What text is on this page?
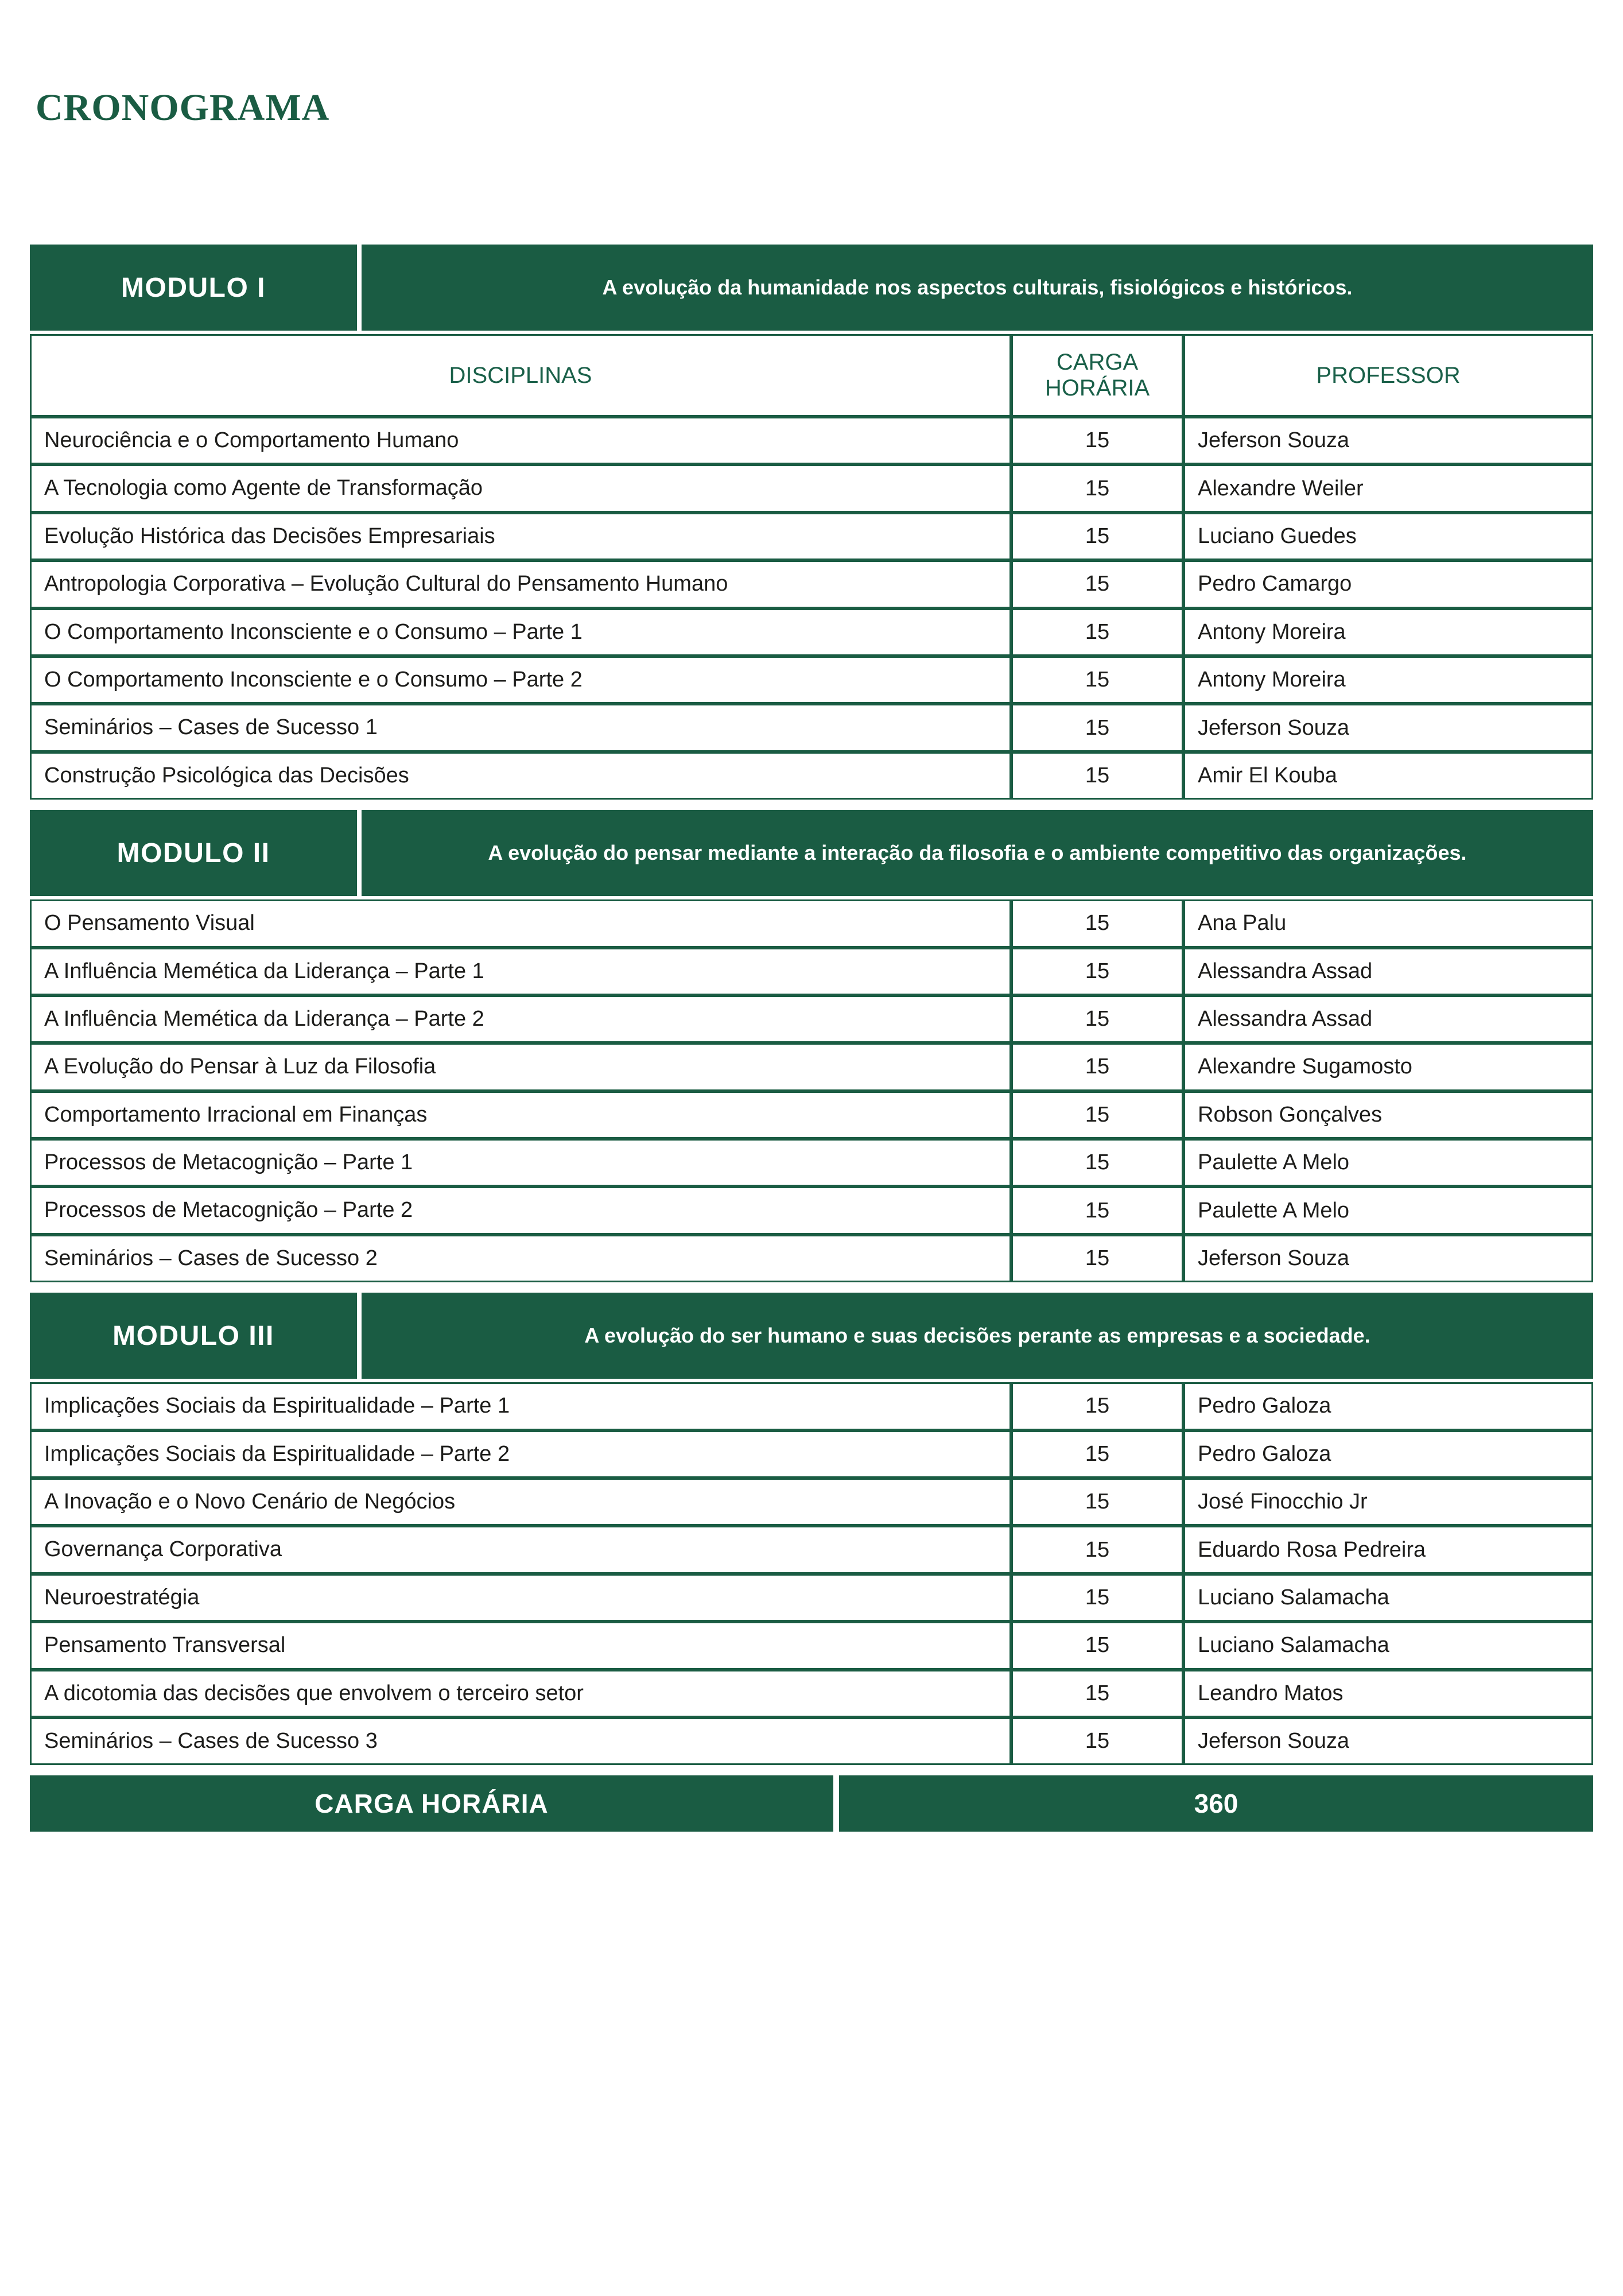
CRONOGRAMA
MODULO I	A evolução da humanidade nos aspectos culturais, fisiológicos e históricos.
DISCIPLINAS	CARGA HORÁRIA	PROFESSOR
Neurociência e o Comportamento Humano	15	Jeferson Souza
A Tecnologia como Agente de Transformação	15	Alexandre Weiler
Evolução Histórica das Decisões Empresariais	15	Luciano Guedes
Antropologia Corporativa – Evolução Cultural do Pensamento Humano	15	Pedro Camargo
O Comportamento Inconsciente e o Consumo – Parte 1	15	Antony Moreira
O Comportamento Inconsciente e o Consumo – Parte 2	15	Antony Moreira
Seminários – Cases de Sucesso 1	15	Jeferson Souza
Construção Psicológica das Decisões	15	Amir El Kouba
MODULO II	A evolução do pensar mediante a interação da filosofia e o ambiente competitivo das organizações.
O Pensamento Visual	15	Ana Palu
A Influência Memética da Liderança – Parte 1	15	Alessandra Assad
A Influência Memética da Liderança – Parte 2	15	Alessandra Assad
A Evolução do Pensar à Luz da Filosofia	15	Alexandre Sugamosto
Comportamento Irracional em Finanças	15	Robson Gonçalves
Processos de Metacognição – Parte 1	15	Paulette A Melo
Processos de Metacognição – Parte 2	15	Paulette A Melo
Seminários – Cases de Sucesso 2	15	Jeferson Souza
MODULO III	A evolução do ser humano e suas decisões perante as empresas e a sociedade.
Implicações Sociais da Espiritualidade – Parte 1	15	Pedro Galoza
Implicações Sociais da Espiritualidade – Parte 2	15	Pedro Galoza
A Inovação e o Novo Cenário de Negócios	15	José Finocchio Jr
Governança Corporativa	15	Eduardo Rosa Pedreira
Neuroestratégia	15	Luciano Salamacha
Pensamento Transversal	15	Luciano Salamacha
A dicotomia das decisões que envolvem o terceiro setor	15	Leandro Matos
Seminários – Cases de Sucesso 3	15	Jeferson Souza
CARGA HORÁRIA	360
